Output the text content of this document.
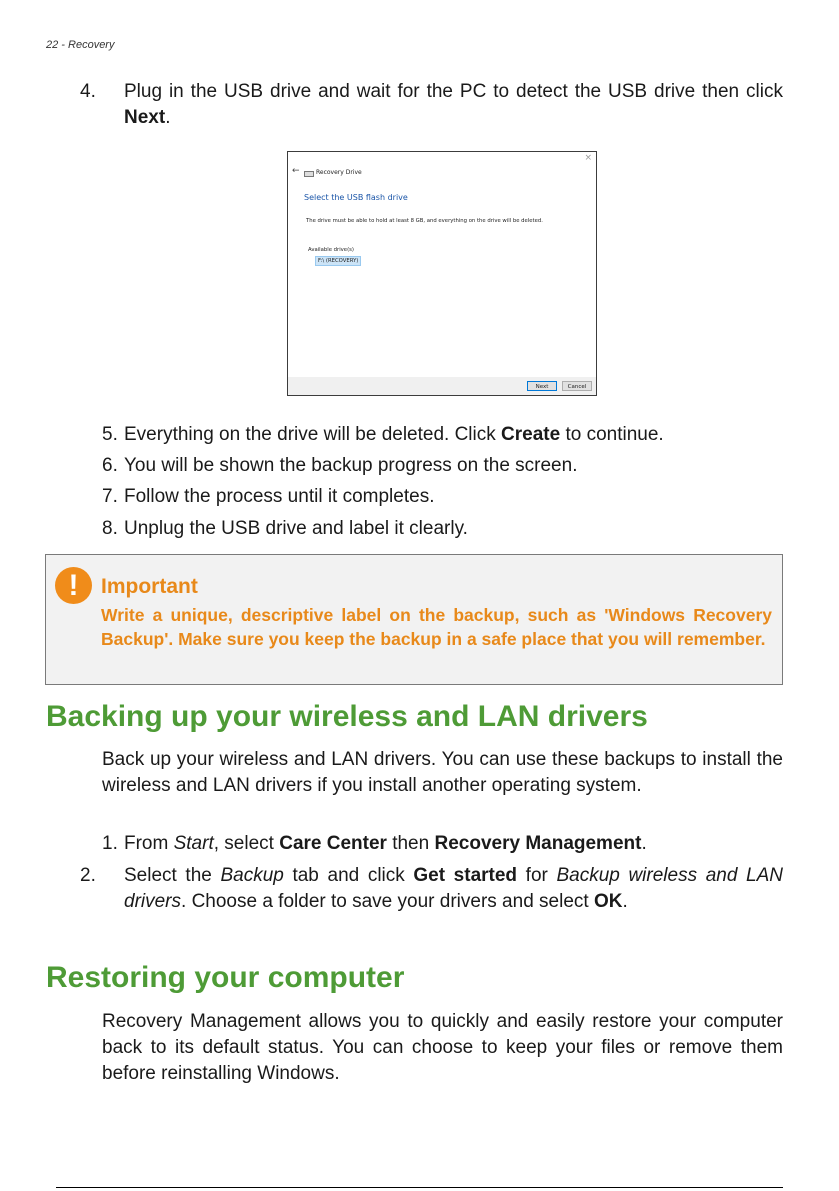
22 - Recovery
4. Plug in the USB drive and wait for the PC to detect the USB drive then click Next.
×
←	Recovery Drive
Select the USB flash drive
The drive must be able to hold at least 8 GB, and everything on the drive will be deleted.
Available drive(s)
F:\ (RECOVERY)
Next	Cancel
5. Everything on the drive will be deleted. Click Create to continue.
6. You will be shown the backup progress on the screen.
7. Follow the process until it completes.
8. Unplug the USB drive and label it clearly.
!	Important
Write a unique, descriptive label on the backup, such as 'Windows Recovery Backup'. Make sure you keep the backup in a safe place that you will remember.
Backing up your wireless and LAN drivers
Back up your wireless and LAN drivers. You can use these backups to install the wireless and LAN drivers if you install another operating system.
1. From Start, select Care Center then Recovery Management.
2. Select the Backup tab and click Get started for Backup wireless and LAN drivers. Choose a folder to save your drivers and select OK.
Restoring your computer
Recovery Management allows you to quickly and easily restore your computer back to its default status. You can choose to keep your files or remove them before reinstalling Windows.
